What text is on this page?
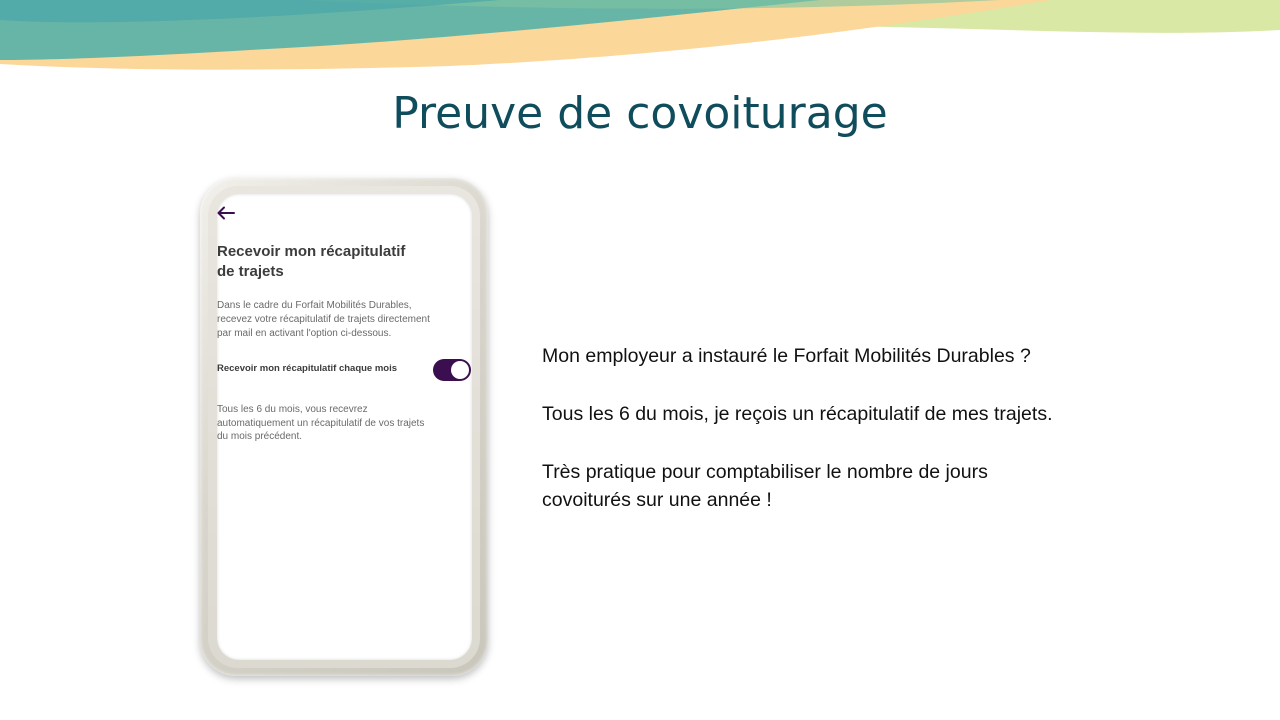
Preuve de covoiturage
Recevoir mon récapitulatif
de trajets
Dans le cadre du Forfait Mobilités Durables,
recevez votre récapitulatif de trajets directement
par mail en activant l'option ci-dessous.
Recevoir mon récapitulatif chaque mois
Tous les 6 du mois, vous recevrez
automatiquement un récapitulatif de vos trajets
du mois précédent.

Mon employeur a instauré le Forfait Mobilités Durables ?

Tous les 6 du mois, je reçois un récapitulatif de mes trajets.

Très pratique pour comptabiliser le nombre de jours
covoiturés sur une année !
